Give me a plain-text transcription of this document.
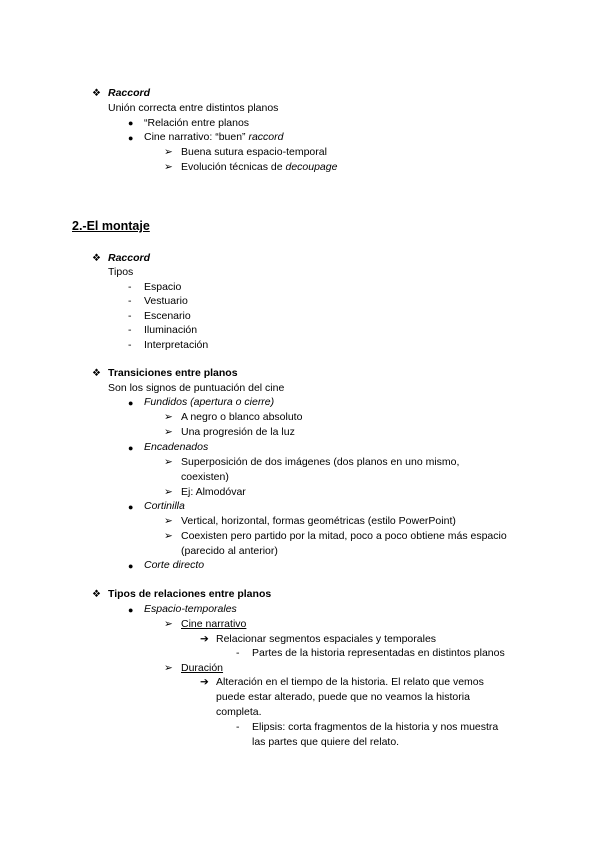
❖ Raccord
Unión correcta entre distintos planos
● “Relación entre planos
● Cine narrativo: “buen” raccord
➢ Buena sutura espacio-temporal
➢ Evolución técnicas de decoupage
2.-El montaje
❖ Raccord
Tipos
- Espacio
- Vestuario
- Escenario
- Iluminación
- Interpretación
❖ Transiciones entre planos
Son los signos de puntuación del cine
● Fundidos (apertura o cierre)
➢ A negro o blanco absoluto
➢ Una progresión de la luz
● Encadenados
➢ Superposición de dos imágenes (dos planos en uno mismo,
coexisten)
➢ Ej: Almodóvar
● Cortinilla
➢ Vertical, horizontal, formas geométricas (estilo PowerPoint)
➢ Coexisten pero partido por la mitad, poco a poco obtiene más espacio
(parecido al anterior)
● Corte directo
❖ Tipos de relaciones entre planos
● Espacio-temporales
➢ Cine narrativo
➔ Relacionar segmentos espaciales y temporales
- Partes de la historia representadas en distintos planos
➢ Duración
➔ Alteración en el tiempo de la historia. El relato que vemos
puede estar alterado, puede que no veamos la historia
completa.
- Elipsis: corta fragmentos de la historia y nos muestra
las partes que quiere del relato.
